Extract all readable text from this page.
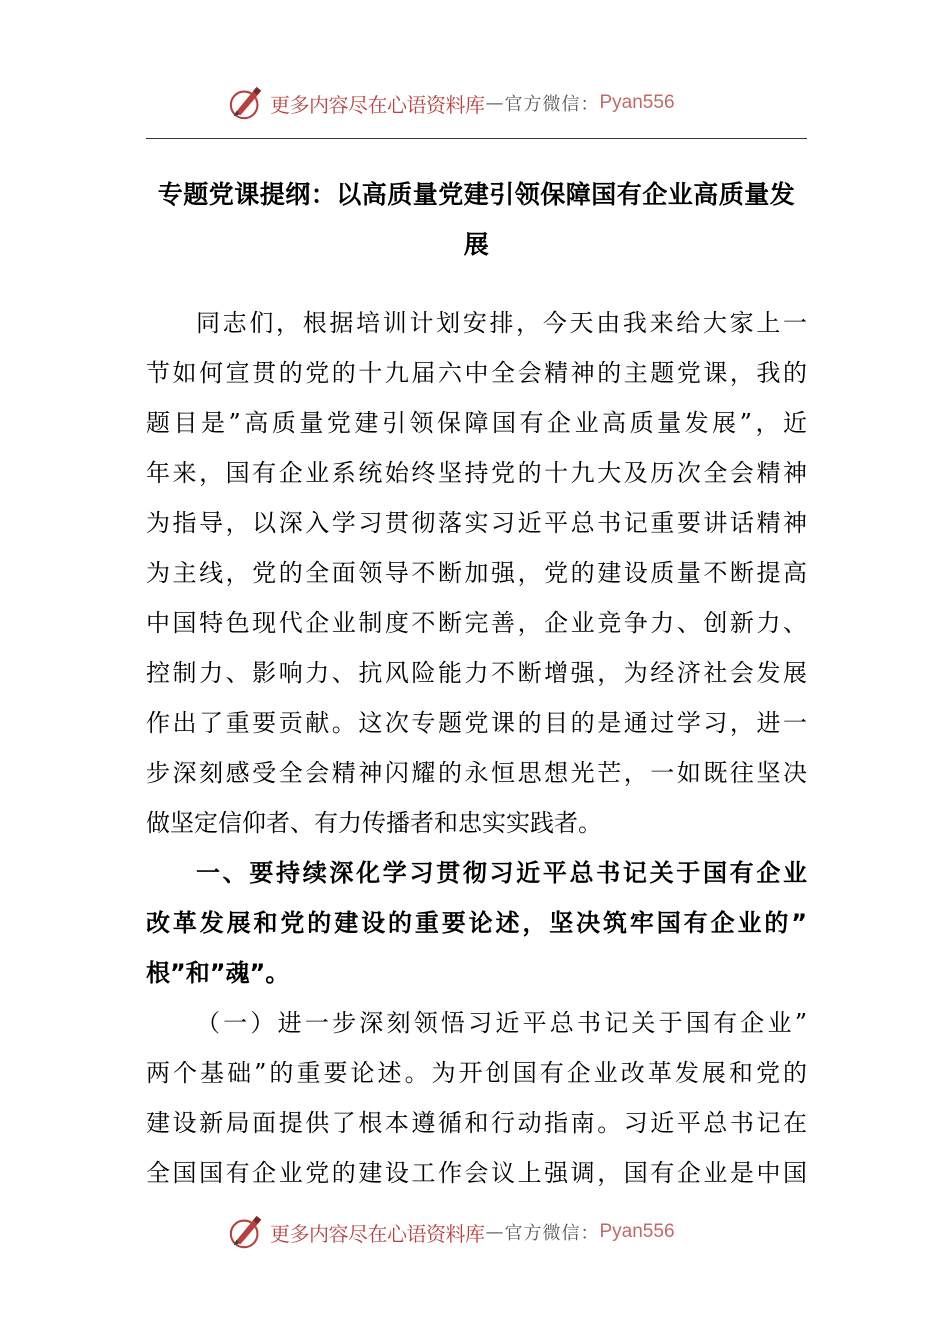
更多内容尽在心语资料库 — 官方微信： Pyan556
专题党课提纲：以高质量党建引领保障国有企业高质量发展
同志们，根据培训计划安排，今天由我来给大家上一
节如何宣贯的党的十九届六中全会精神的主题党课，我的
题目是”高质量党建引领保障国有企业高质量发展”，近
年来，国有企业系统始终坚持党的十九大及历次全会精神
为指导，以深入学习贯彻落实习近平总书记重要讲话精神
为主线，党的全面领导不断加强，党的建设质量不断提高
中国特色现代企业制度不断完善，企业竞争力、创新力、
控制力、影响力、抗风险能力不断增强，为经济社会发展
作出了重要贡献。这次专题党课的目的是通过学习，进一
步深刻感受全会精神闪耀的永恒思想光芒，一如既往坚决
做坚定信仰者、有力传播者和忠实实践者。
一、要持续深化学习贯彻习近平总书记关于国有企业
改革发展和党的建设的重要论述，坚决筑牢国有企业的”
根”和”魂”。
（一）进一步深刻领悟习近平总书记关于国有企业”
两个基础”的重要论述。为开创国有企业改革发展和党的
建设新局面提供了根本遵循和行动指南。习近平总书记在
全国国有企业党的建设工作会议上强调，国有企业是中国
更多内容尽在心语资料库 — 官方微信： Pyan556
